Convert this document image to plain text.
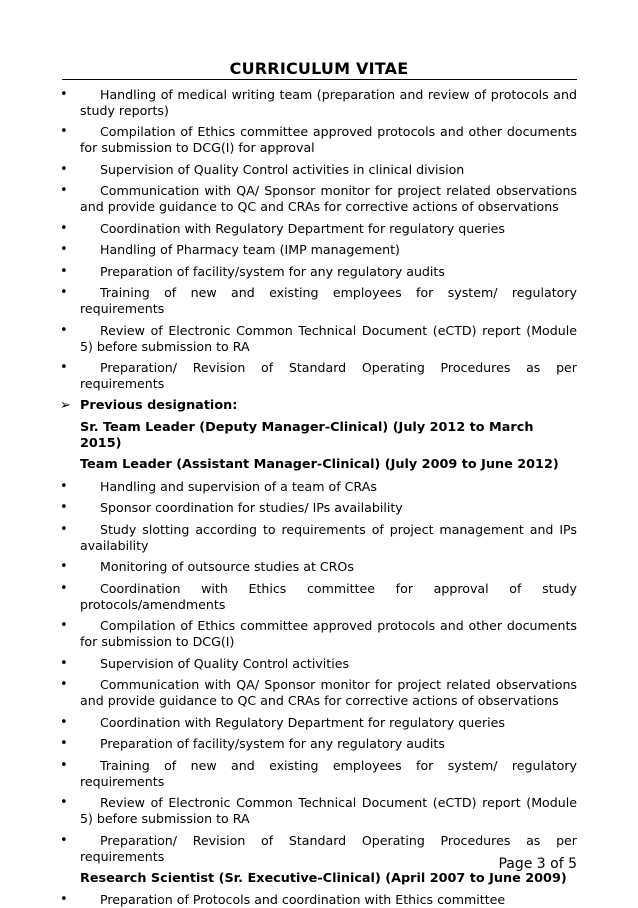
CURRICULUM VITAE
•	Handling of medical writing team (preparation and review of protocols and study reports)
•	Compilation of Ethics committee approved protocols and other documents for submission to DCG(I) for approval
•	Supervision of Quality Control activities in clinical division
•	Communication with QA/ Sponsor monitor for project related observations and provide guidance to QC and CRAs for corrective actions of observations
•	Coordination with Regulatory Department for regulatory queries
•	Handling of Pharmacy team (IMP management)
•	Preparation of facility/system for any regulatory audits
•	Training of new and existing employees for system/ regulatory requirements
•	Review of Electronic Common Technical Document (eCTD) report (Module 5) before submission to RA
•	Preparation/ Revision of Standard Operating Procedures as per requirements
➢ Previous designation:
Sr. Team Leader (Deputy Manager-Clinical) (July 2012 to March 2015)
Team Leader (Assistant Manager-Clinical) (July 2009 to June 2012)
•	Handling and supervision of a team of CRAs
•	Sponsor coordination for studies/ IPs availability
•	Study slotting according to requirements of project management and IPs availability
•	Monitoring of outsource studies at CROs
•	Coordination with Ethics committee for approval of study protocols/amendments
•	Compilation of Ethics committee approved protocols and other documents for submission to DCG(I)
•	Supervision of Quality Control activities
•	Communication with QA/ Sponsor monitor for project related observations and provide guidance to QC and CRAs for corrective actions of observations
•	Coordination with Regulatory Department for regulatory queries
•	Preparation of facility/system for any regulatory audits
•	Training of new and existing employees for system/ regulatory requirements
•	Review of Electronic Common Technical Document (eCTD) report (Module 5) before submission to RA
•	Preparation/ Revision of Standard Operating Procedures as per requirements
Research Scientist (Sr. Executive-Clinical) (April 2007 to June 2009)
•	Preparation of Protocols and coordination with Ethics committee
Page 3 of 5
